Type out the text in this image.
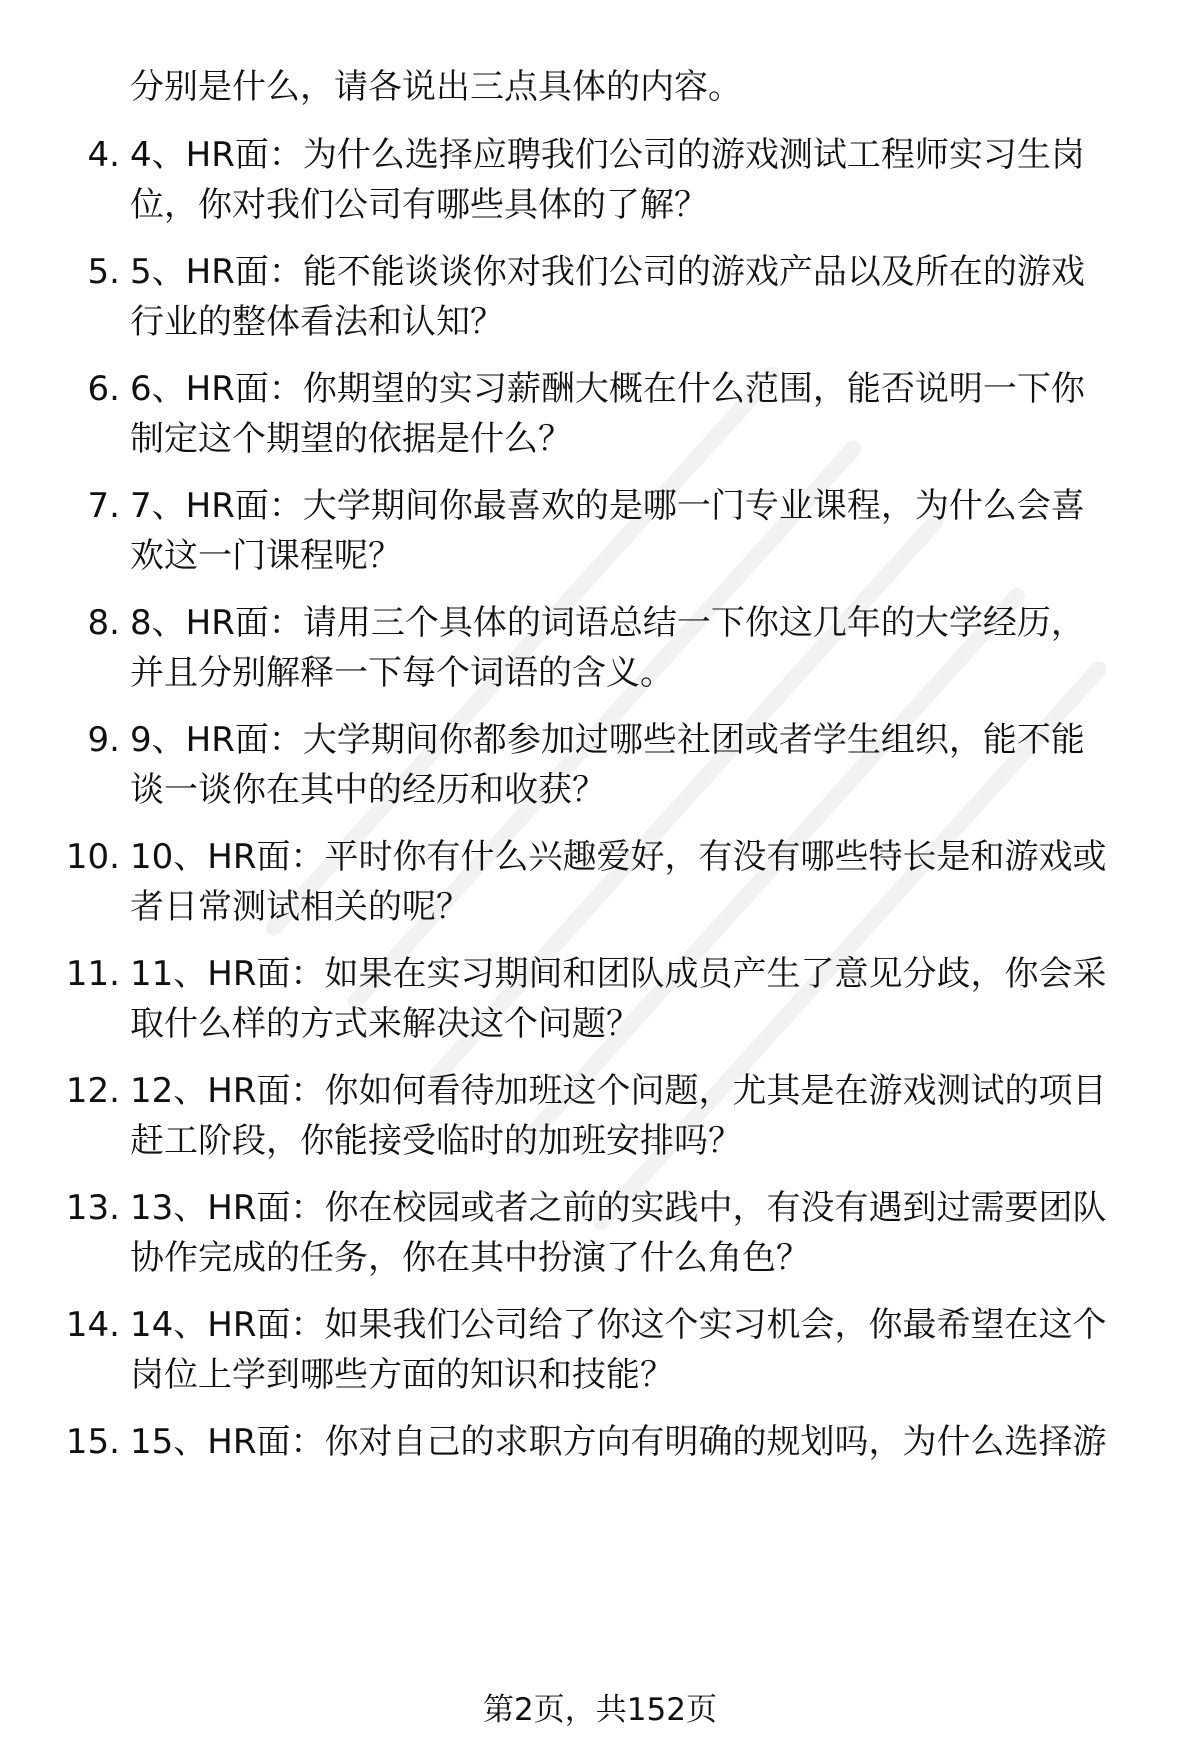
分别是什么，请各说出三点具体的内容。
4. 4、HR面：为什么选择应聘我们公司的游戏测试工程师实习生岗
位，你对我们公司有哪些具体的了解？
5. 5、HR面：能不能谈谈你对我们公司的游戏产品以及所在的游戏
行业的整体看法和认知？
6. 6、HR面：你期望的实习薪酬大概在什么范围，能否说明一下你
制定这个期望的依据是什么？
7. 7、HR面：大学期间你最喜欢的是哪一门专业课程，为什么会喜
欢这一门课程呢？
8. 8、HR面：请用三个具体的词语总结一下你这几年的大学经历，
并且分别解释一下每个词语的含义。
9. 9、HR面：大学期间你都参加过哪些社团或者学生组织，能不能
谈一谈你在其中的经历和收获？
10. 10、HR面：平时你有什么兴趣爱好，有没有哪些特长是和游戏或
者日常测试相关的呢？
11. 11、HR面：如果在实习期间和团队成员产生了意见分歧，你会采
取什么样的方式来解决这个问题？
12. 12、HR面：你如何看待加班这个问题，尤其是在游戏测试的项目
赶工阶段，你能接受临时的加班安排吗？
13. 13、HR面：你在校园或者之前的实践中，有没有遇到过需要团队
协作完成的任务，你在其中扮演了什么角色？
14. 14、HR面：如果我们公司给了你这个实习机会，你最希望在这个
岗位上学到哪些方面的知识和技能？
15. 15、HR面：你对自己的求职方向有明确的规划吗，为什么选择游
第2页，共152页
